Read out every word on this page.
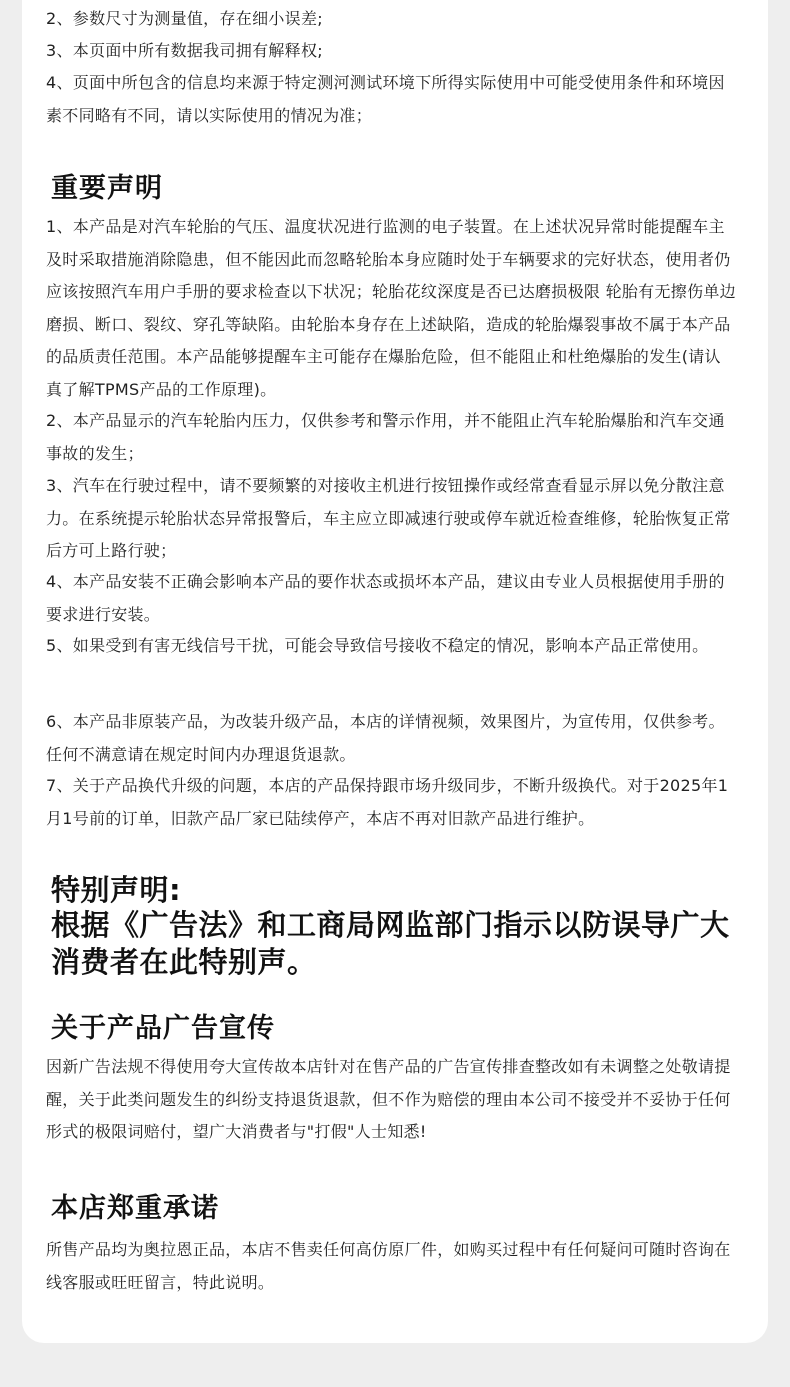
2、参数尺寸为测量值，存在细小误差;

3、本页面中所有数据我司拥有解释权;

4、页面中所包含的信息均来源于特定测河测试环境下所得实际使用中可能受使用条件和环境因素不同略有不同，请以实际使用的情况为准；

重要声明

1、本产品是对汽车轮胎的气压、温度状况进行监测的电子装置。在上述状况异常时能提醒车主及时采取措施消除隐患，但不能因此而忽略轮胎本身应随时处于车辆要求的完好状态，使用者仍应该按照汽车用户手册的要求检查以下状况；轮胎花纹深度是否已达磨损极限 轮胎有无擦伤单边磨损、断口、裂纹、穿孔等缺陷。由轮胎本身存在上述缺陷，造成的轮胎爆裂事故不属于本产品的品质责任范围。本产品能够提醒车主可能存在爆胎危险，但不能阻止和杜绝爆胎的发生(请认真了解TPMS产品的工作原理)。

2、本产品显示的汽车轮胎内压力，仅供参考和警示作用，并不能阻止汽车轮胎爆胎和汽车交通事故的发生；

3、汽车在行驶过程中，请不要频繁的对接收主机进行按钮操作或经常查看显示屏以免分散注意力。在系统提示轮胎状态异常报警后，车主应立即减速行驶或停车就近检查维修，轮胎恢复正常后方可上路行驶；

4、本产品安装不正确会影响本产品的要作状态或损坏本产品，建议由专业人员根据使用手册的要求进行安装。

5、如果受到有害无线信号干扰，可能会导致信号接收不稳定的情况，影响本产品正常使用。

6、本产品非原装产品，为改装升级产品，本店的详情视频，效果图片，为宣传用，仅供参考。任何不满意请在规定时间内办理退货退款。

7、关于产品换代升级的问题，本店的产品保持跟市场升级同步，不断升级换代。对于2025年1月1号前的订单，旧款产品厂家已陆续停产，本店不再对旧款产品进行维护。

特别声明:
根据《广告法》和工商局网监部门指示以防误导广大消费者在此特别声。
关于产品广告宣传

因新广告法规不得使用夸大宣传故本店针对在售产品的广告宣传排查整改如有未调整之处敬请提醒，关于此类问题发生的纠纷支持退货退款，但不作为赔偿的理由本公司不接受并不妥协于任何形式的极限词赔付，望广大消费者与"打假"人士知悉!

本店郑重承诺

所售产品均为奥拉恩正品，本店不售卖任何高仿原厂件，如购买过程中有任何疑问可随时咨询在线客服或旺旺留言，特此说明。
